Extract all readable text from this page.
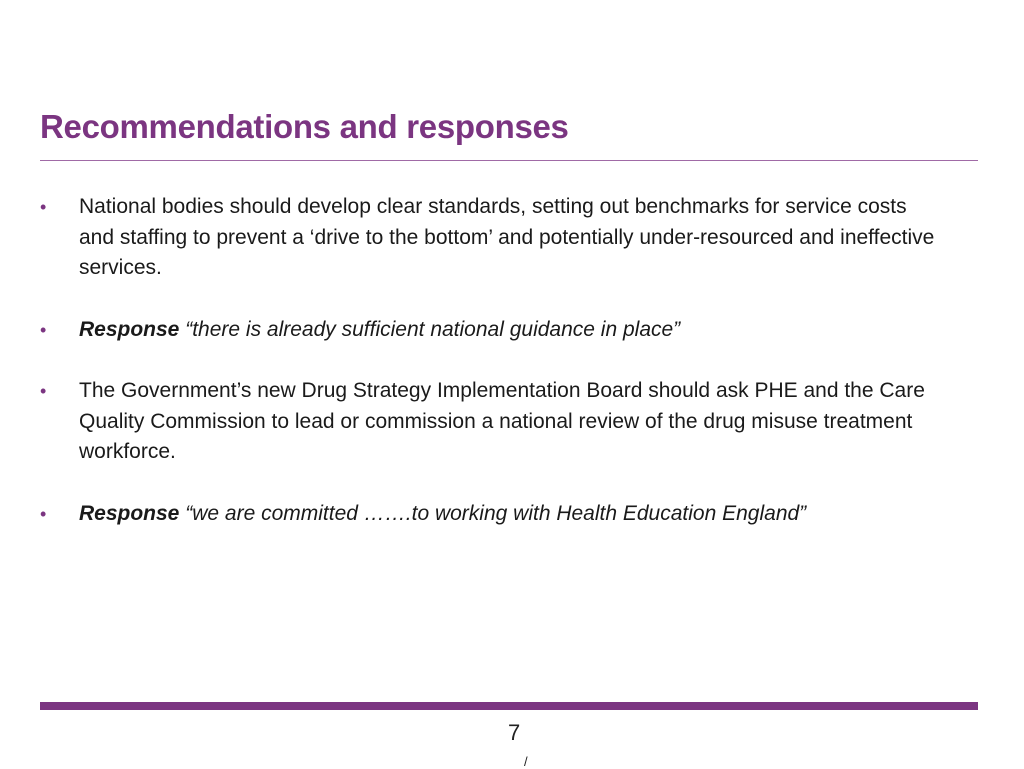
Recommendations and responses
• National bodies should develop clear standards, setting out benchmarks for service costs and staffing to prevent a ‘drive to the bottom’ and potentially under-resourced and ineffective services.
• Response “there is already sufficient national guidance in place”
• The Government’s new Drug Strategy Implementation Board should ask PHE and the Care Quality Commission to lead or commission a national review of the drug misuse treatment workforce.
• Response “we are committed …….to working with Health Education England”
7
/
